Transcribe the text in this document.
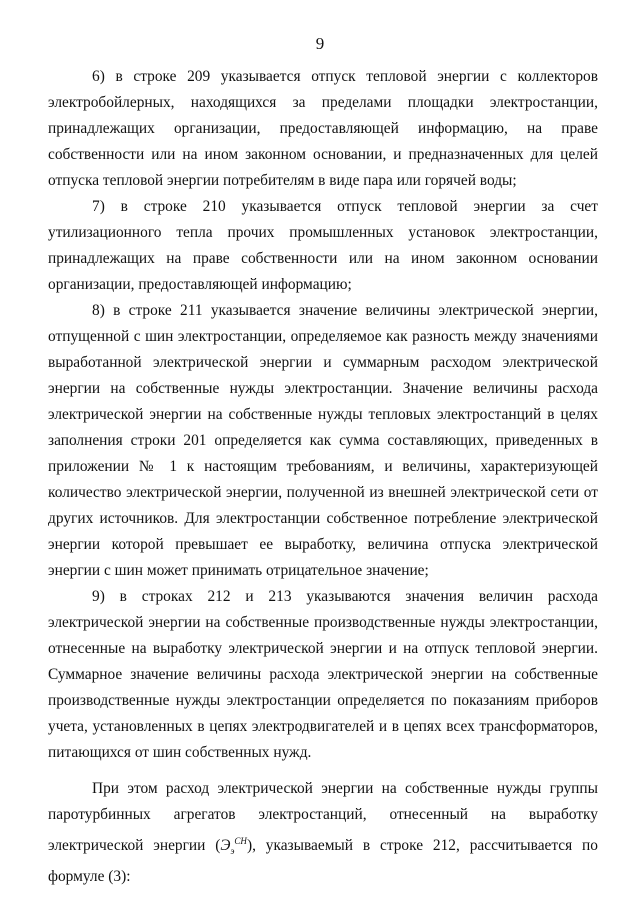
9

6) в строке 209 указывается отпуск тепловой энергии с коллекторов электробойлерных, находящихся за пределами площадки электростанции, принадлежащих организации, предоставляющей информацию, на праве собственности или на ином законном основании, и предназначенных для целей отпуска тепловой энергии потребителям в виде пара или горячей воды;

7) в строке 210 указывается отпуск тепловой энергии за счет утилизационного тепла прочих промышленных установок электростанции, принадлежащих на праве собственности или на ином законном основании организации, предоставляющей информацию;

8) в строке 211 указывается значение величины электрической энергии, отпущенной с шин электростанции, определяемое как разность между значениями выработанной электрической энергии и суммарным расходом электрической энергии на собственные нужды электростанции. Значение величины расхода электрической энергии на собственные нужды тепловых электростанций в целях заполнения строки 201 определяется как сумма составляющих, приведенных в приложении № 1 к настоящим требованиям, и величины, характеризующей количество электрической энергии, полученной из внешней электрической сети от других источников. Для электростанции собственное потребление электрической энергии которой превышает ее выработку, величина отпуска электрической энергии с шин может принимать отрицательное значение;

9) в строках 212 и 213 указываются значения величин расхода электрической энергии на собственные производственные нужды электростанции, отнесенные на выработку электрической энергии и на отпуск тепловой энергии. Суммарное значение величины расхода электрической энергии на собственные производственные нужды электростанции определяется по показаниям приборов учета, установленных в цепях электродвигателей и в цепях всех трансформаторов, питающихся от шин собственных нужд.

При этом расход электрической энергии на собственные нужды группы паротурбинных агрегатов электростанций, отнесенный на выработку электрической энергии $(Э_э^{СН})$, указываемый в строке 212, рассчитывается по формуле (3):
